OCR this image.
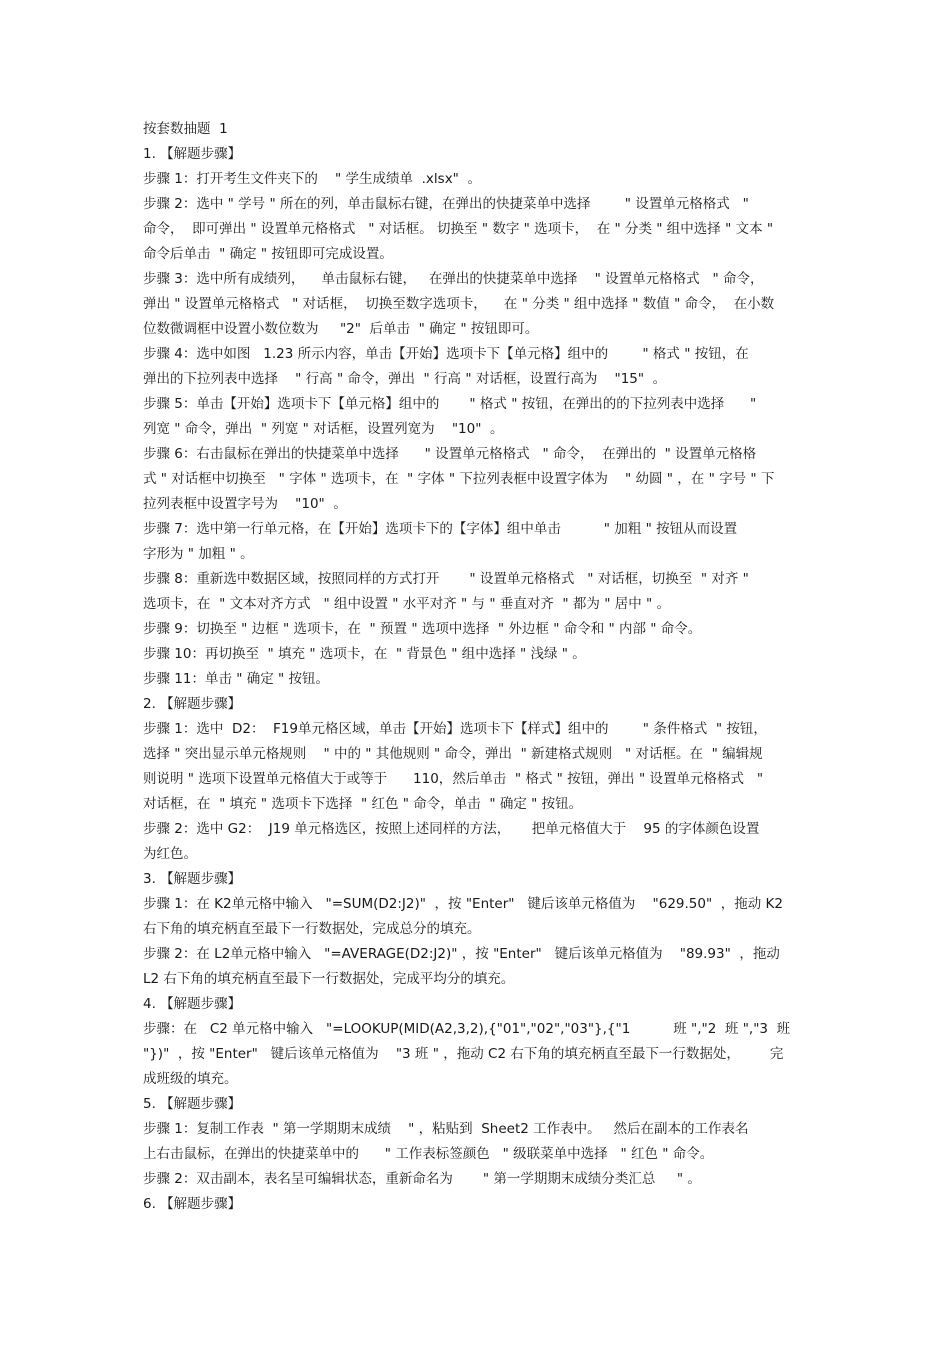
按套数抽题  1
1. 【解题步骤】
步骤 1：打开考生文件夹下的    " 学生成绩单  .xlsx"  。
步骤 2：选中 " 学号 " 所在的列，单击鼠标右键，在弹出的快捷菜单中选择        " 设置单元格格式   "
命令，  即可弹出 " 设置单元格格式   " 对话框。 切换至 " 数字 " 选项卡，  在 " 分类 " 组中选择 " 文本 "
命令后单击  " 确定 " 按钮即可完成设置。
步骤 3：选中所有成绩列，    单击鼠标右键，   在弹出的快捷菜单中选择    " 设置单元格格式   " 命令，
弹出 " 设置单元格格式   " 对话框，  切换至数字选项卡，    在 " 分类 " 组中选择 " 数值 " 命令，  在小数
位数微调框中设置小数位数为     "2"  后单击  " 确定 " 按钮即可。
步骤 4：选中如图   1.23 所示内容，单击【开始】选项卡下【单元格】组中的        " 格式 " 按钮，在
弹出的下拉列表中选择    " 行高 " 命令，弹出  " 行高 " 对话框，设置行高为    "15"  。
步骤 5：单击【开始】选项卡下【单元格】组中的       " 格式 " 按钮，在弹出的的下拉列表中选择      "
列宽 " 命令，弹出  " 列宽 " 对话框，设置列宽为    "10"  。
步骤 6：右击鼠标在弹出的快捷菜单中选择      " 设置单元格格式   " 命令，  在弹出的  " 设置单元格格
式 " 对话框中切换至   " 字体 " 选项卡，在  " 字体 " 下拉列表框中设置字体为    " 幼圆 " ，在 " 字号 " 下
拉列表框中设置字号为    "10"  。
步骤 7：选中第一行单元格，在【开始】选项卡下的【字体】组中单击          " 加粗 " 按钮从而设置
字形为 " 加粗 " 。
步骤 8：重新选中数据区域，按照同样的方式打开       " 设置单元格格式   " 对话框，切换至  " 对齐 "
选项卡，在  " 文本对齐方式   " 组中设置 " 水平对齐 " 与 " 垂直对齐  " 都为 " 居中 " 。
步骤 9：切换至 " 边框 " 选项卡，在  " 预置 " 选项中选择  " 外边框 " 命令和 " 内部 " 命令。
步骤 10：再切换至  " 填充 " 选项卡，在  " 背景色 " 组中选择 " 浅绿 " 。
步骤 11：单击 " 确定 " 按钮。
2. 【解题步骤】
步骤 1：选中  D2：  F19单元格区域，单击【开始】选项卡下【样式】组中的        " 条件格式  " 按钮，
选择 " 突出显示单元格规则    " 中的 " 其他规则 " 命令，弹出  " 新建格式规则   " 对话框。在  " 编辑规
则说明 " 选项下设置单元格值大于或等于      110，然后单击  " 格式 " 按钮，弹出 " 设置单元格格式   "
对话框，在  " 填充 " 选项卡下选择  " 红色 " 命令，单击  " 确定 " 按钮。
步骤 2：选中 G2：  J19 单元格选区，按照上述同样的方法，     把单元格值大于    95 的字体颜色设置
为红色。
3. 【解题步骤】
步骤 1：在 K2单元格中输入   "=SUM(D2:J2)"  ，按 "Enter"   键后该单元格值为    "629.50"  ，拖动 K2
右下角的填充柄直至最下一行数据处，完成总分的填充。
步骤 2：在 L2单元格中输入   "=AVERAGE(D2:J2)" ，按 "Enter"   键后该单元格值为    "89.93"  ，拖动
L2 右下角的填充柄直至最下一行数据处，完成平均分的填充。
4. 【解题步骤】
步骤：在   C2 单元格中输入   "=LOOKUP(MID(A2,3,2),{"01","02","03"},{"1          班 ","2  班 ","3  班
"})"  ，按 "Enter"   键后该单元格值为    "3 班 " ，拖动 C2 右下角的填充柄直至最下一行数据处，       完
成班级的填充。
5. 【解题步骤】
步骤 1：复制工作表  " 第一学期期末成绩    " ，粘贴到  Sheet2 工作表中。   然后在副本的工作表名
上右击鼠标，在弹出的快捷菜单中的      " 工作表标签颜色   " 级联菜单中选择   " 红色 " 命令。
步骤 2：双击副本，表名呈可编辑状态，重新命名为       " 第一学期期末成绩分类汇总     " 。
6. 【解题步骤】
